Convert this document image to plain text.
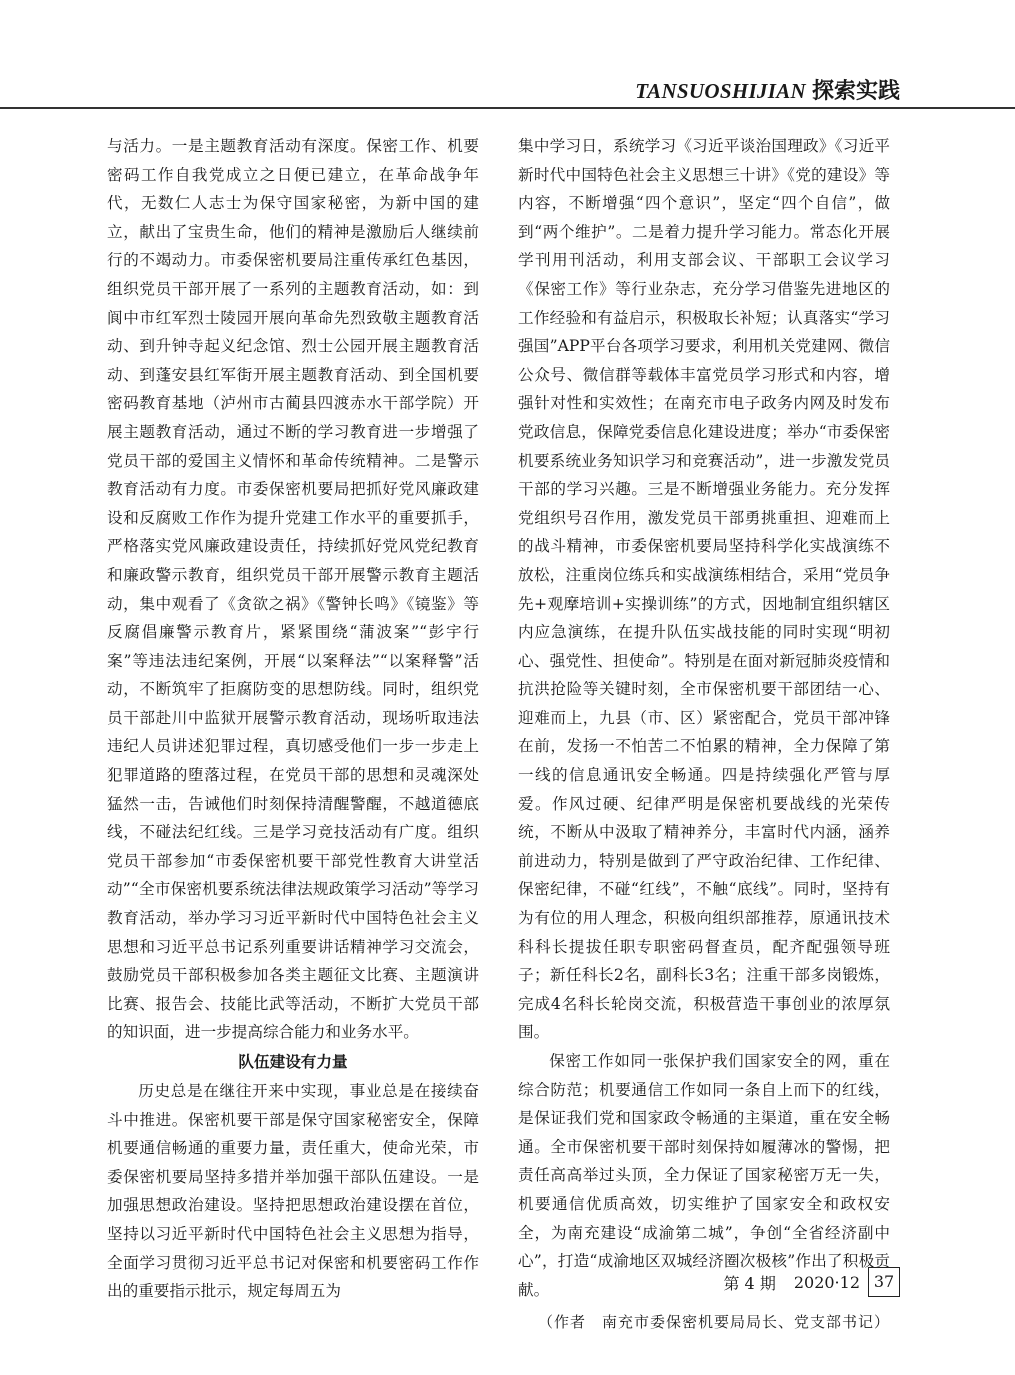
TANSUOSHIJIAN 探索实践

与活力。一是主题教育活动有深度。保密工作、机要密码工作自我党成立之日便已建立，在革命战争年代，无数仁人志士为保守国家秘密，为新中国的建立，献出了宝贵生命，他们的精神是激励后人继续前行的不竭动力。市委保密机要局注重传承红色基因，组织党员干部开展了一系列的主题教育活动，如：到阆中市红军烈士陵园开展向革命先烈致敬主题教育活动、到升钟寺起义纪念馆、烈士公园开展主题教育活动、到蓬安县红军街开展主题教育活动、到全国机要密码教育基地（泸州市古蔺县四渡赤水干部学院）开展主题教育活动，通过不断的学习教育进一步增强了党员干部的爱国主义情怀和革命传统精神。二是警示教育活动有力度。市委保密机要局把抓好党风廉政建设和反腐败工作作为提升党建工作水平的重要抓手，严格落实党风廉政建设责任，持续抓好党风党纪教育和廉政警示教育，组织党员干部开展警示教育主题活动，集中观看了《贪欲之祸》《警钟长鸣》《镜鉴》等反腐倡廉警示教育片，紧紧围绕“蒲波案”“彭宇行案”等违法违纪案例，开展“以案释法”“以案释警”活动，不断筑牢了拒腐防变的思想防线。同时，组织党员干部赴川中监狱开展警示教育活动，现场听取违法违纪人员讲述犯罪过程，真切感受他们一步一步走上犯罪道路的堕落过程，在党员干部的思想和灵魂深处猛然一击，告诫他们时刻保持清醒警醒，不越道德底线，不碰法纪红线。三是学习竞技活动有广度。组织党员干部参加“市委保密机要干部党性教育大讲堂活动”“全市保密机要系统法律法规政策学习活动”等学习教育活动，举办学习习近平新时代中国特色社会主义思想和习近平总书记系列重要讲话精神学习交流会，鼓励党员干部积极参加各类主题征文比赛、主题演讲比赛、报告会、技能比武等活动，不断扩大党员干部的知识面，进一步提高综合能力和业务水平。

队伍建设有力量

历史总是在继往开来中实现，事业总是在接续奋斗中推进。保密机要干部是保守国家秘密安全，保障机要通信畅通的重要力量，责任重大，使命光荣，市委保密机要局坚持多措并举加强干部队伍建设。一是加强思想政治建设。坚持把思想政治建设摆在首位，坚持以习近平新时代中国特色社会主义思想为指导，全面学习贯彻习近平总书记对保密和机要密码工作作出的重要指示批示，规定每周五为

集中学习日，系统学习《习近平谈治国理政》《习近平新时代中国特色社会主义思想三十讲》《党的建设》等内容，不断增强“四个意识”，坚定“四个自信”，做到“两个维护”。二是着力提升学习能力。常态化开展学刊用刊活动，利用支部会议、干部职工会议学习《保密工作》等行业杂志，充分学习借鉴先进地区的工作经验和有益启示，积极取长补短；认真落实“学习强国”APP平台各项学习要求，利用机关党建网、微信公众号、微信群等载体丰富党员学习形式和内容，增强针对性和实效性；在南充市电子政务内网及时发布党政信息，保障党委信息化建设进度；举办“市委保密机要系统业务知识学习和竞赛活动”，进一步激发党员干部的学习兴趣。三是不断增强业务能力。充分发挥党组织号召作用，激发党员干部勇挑重担、迎难而上的战斗精神，市委保密机要局坚持科学化实战演练不放松，注重岗位练兵和实战演练相结合，采用“党员争先+观摩培训+实操训练”的方式，因地制宜组织辖区内应急演练，在提升队伍实战技能的同时实现“明初心、强党性、担使命”。特别是在面对新冠肺炎疫情和抗洪抢险等关键时刻，全市保密机要干部团结一心、迎难而上，九县（市、区）紧密配合，党员干部冲锋在前，发扬一不怕苦二不怕累的精神，全力保障了第一线的信息通讯安全畅通。四是持续强化严管与厚爱。作风过硬、纪律严明是保密机要战线的光荣传统，不断从中汲取了精神养分，丰富时代内涵，涵养前进动力，特别是做到了严守政治纪律、工作纪律、保密纪律，不碰“红线”，不触“底线”。同时，坚持有为有位的用人理念，积极向组织部推荐，原通讯技术科科长提拔任职专职密码督查员，配齐配强领导班子；新任科长2名，副科长3名；注重干部多岗锻炼，完成4名科长轮岗交流，积极营造干事创业的浓厚氛围。

保密工作如同一张保护我们国家安全的网，重在综合防范；机要通信工作如同一条自上而下的红线，是保证我们党和国家政令畅通的主渠道，重在安全畅通。全市保密机要干部时刻保持如履薄冰的警惕，把责任高高举过头顶，全力保证了国家秘密万无一失，机要通信优质高效，切实维护了国家安全和政权安全，为南充建设“成渝第二城”，争创“全省经济副中心”，打造“成渝地区双城经济圈次极核”作出了积极贡献。

（作者　南充市委保密机要局局长、党支部书记）

第 4 期 2020·12 37
